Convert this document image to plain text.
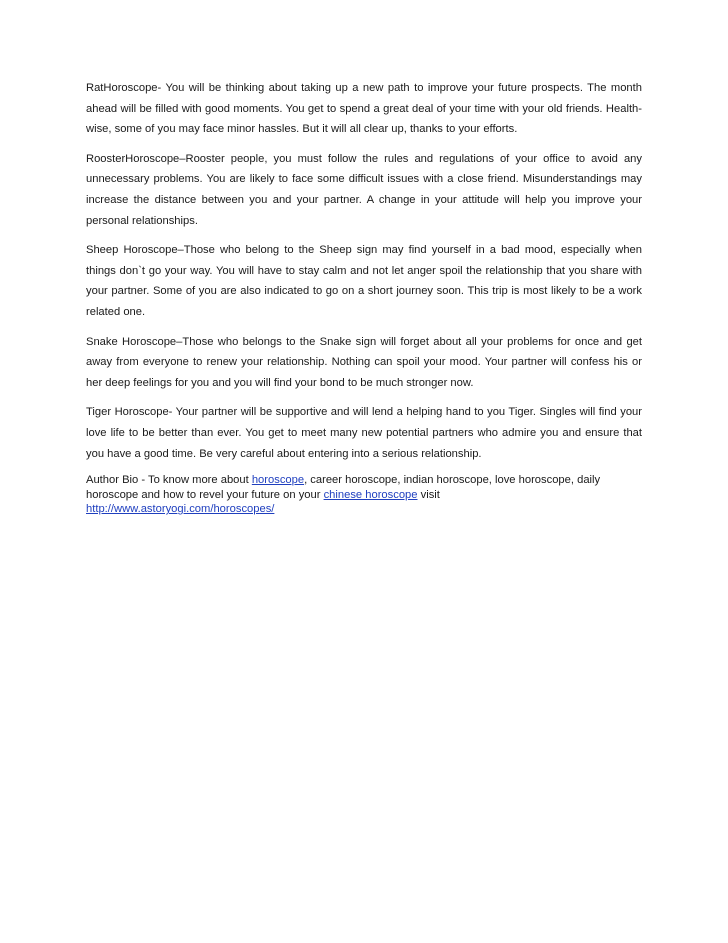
RatHoroscope- You will be thinking about taking up a new path to improve your future prospects. The month ahead will be filled with good moments. You get to spend a great deal of your time with your old friends. Health-wise, some of you may face minor hassles. But it will all clear up, thanks to your efforts.

RoosterHoroscope–Rooster people, you must follow the rules and regulations of your office to avoid any unnecessary problems. You are likely to face some difficult issues with a close friend. Misunderstandings may increase the distance between you and your partner. A change in your attitude will help you improve your personal relationships.

Sheep Horoscope–Those who belong to the Sheep sign may find yourself in a bad mood, especially when things don`t go your way. You will have to stay calm and not let anger spoil the relationship that you share with your partner. Some of you are also indicated to go on a short journey soon. This trip is most likely to be a work related one.

Snake Horoscope–Those who belongs to the Snake sign will forget about all your problems for once and get away from everyone to renew your relationship. Nothing can spoil your mood. Your partner will confess his or her deep feelings for you and you will find your bond to be much stronger now.

Tiger Horoscope- Your partner will be supportive and will lend a helping hand to you Tiger. Singles will find your love life to be better than ever. You get to meet many new potential partners who admire you and ensure that you have a good time. Be very careful about entering into a serious relationship.

Author Bio - To know more about horoscope, career horoscope, indian horoscope, love horoscope, daily horoscope and how to revel your future on your chinese horoscope visit
http://www.astoryogi.com/horoscopes/
